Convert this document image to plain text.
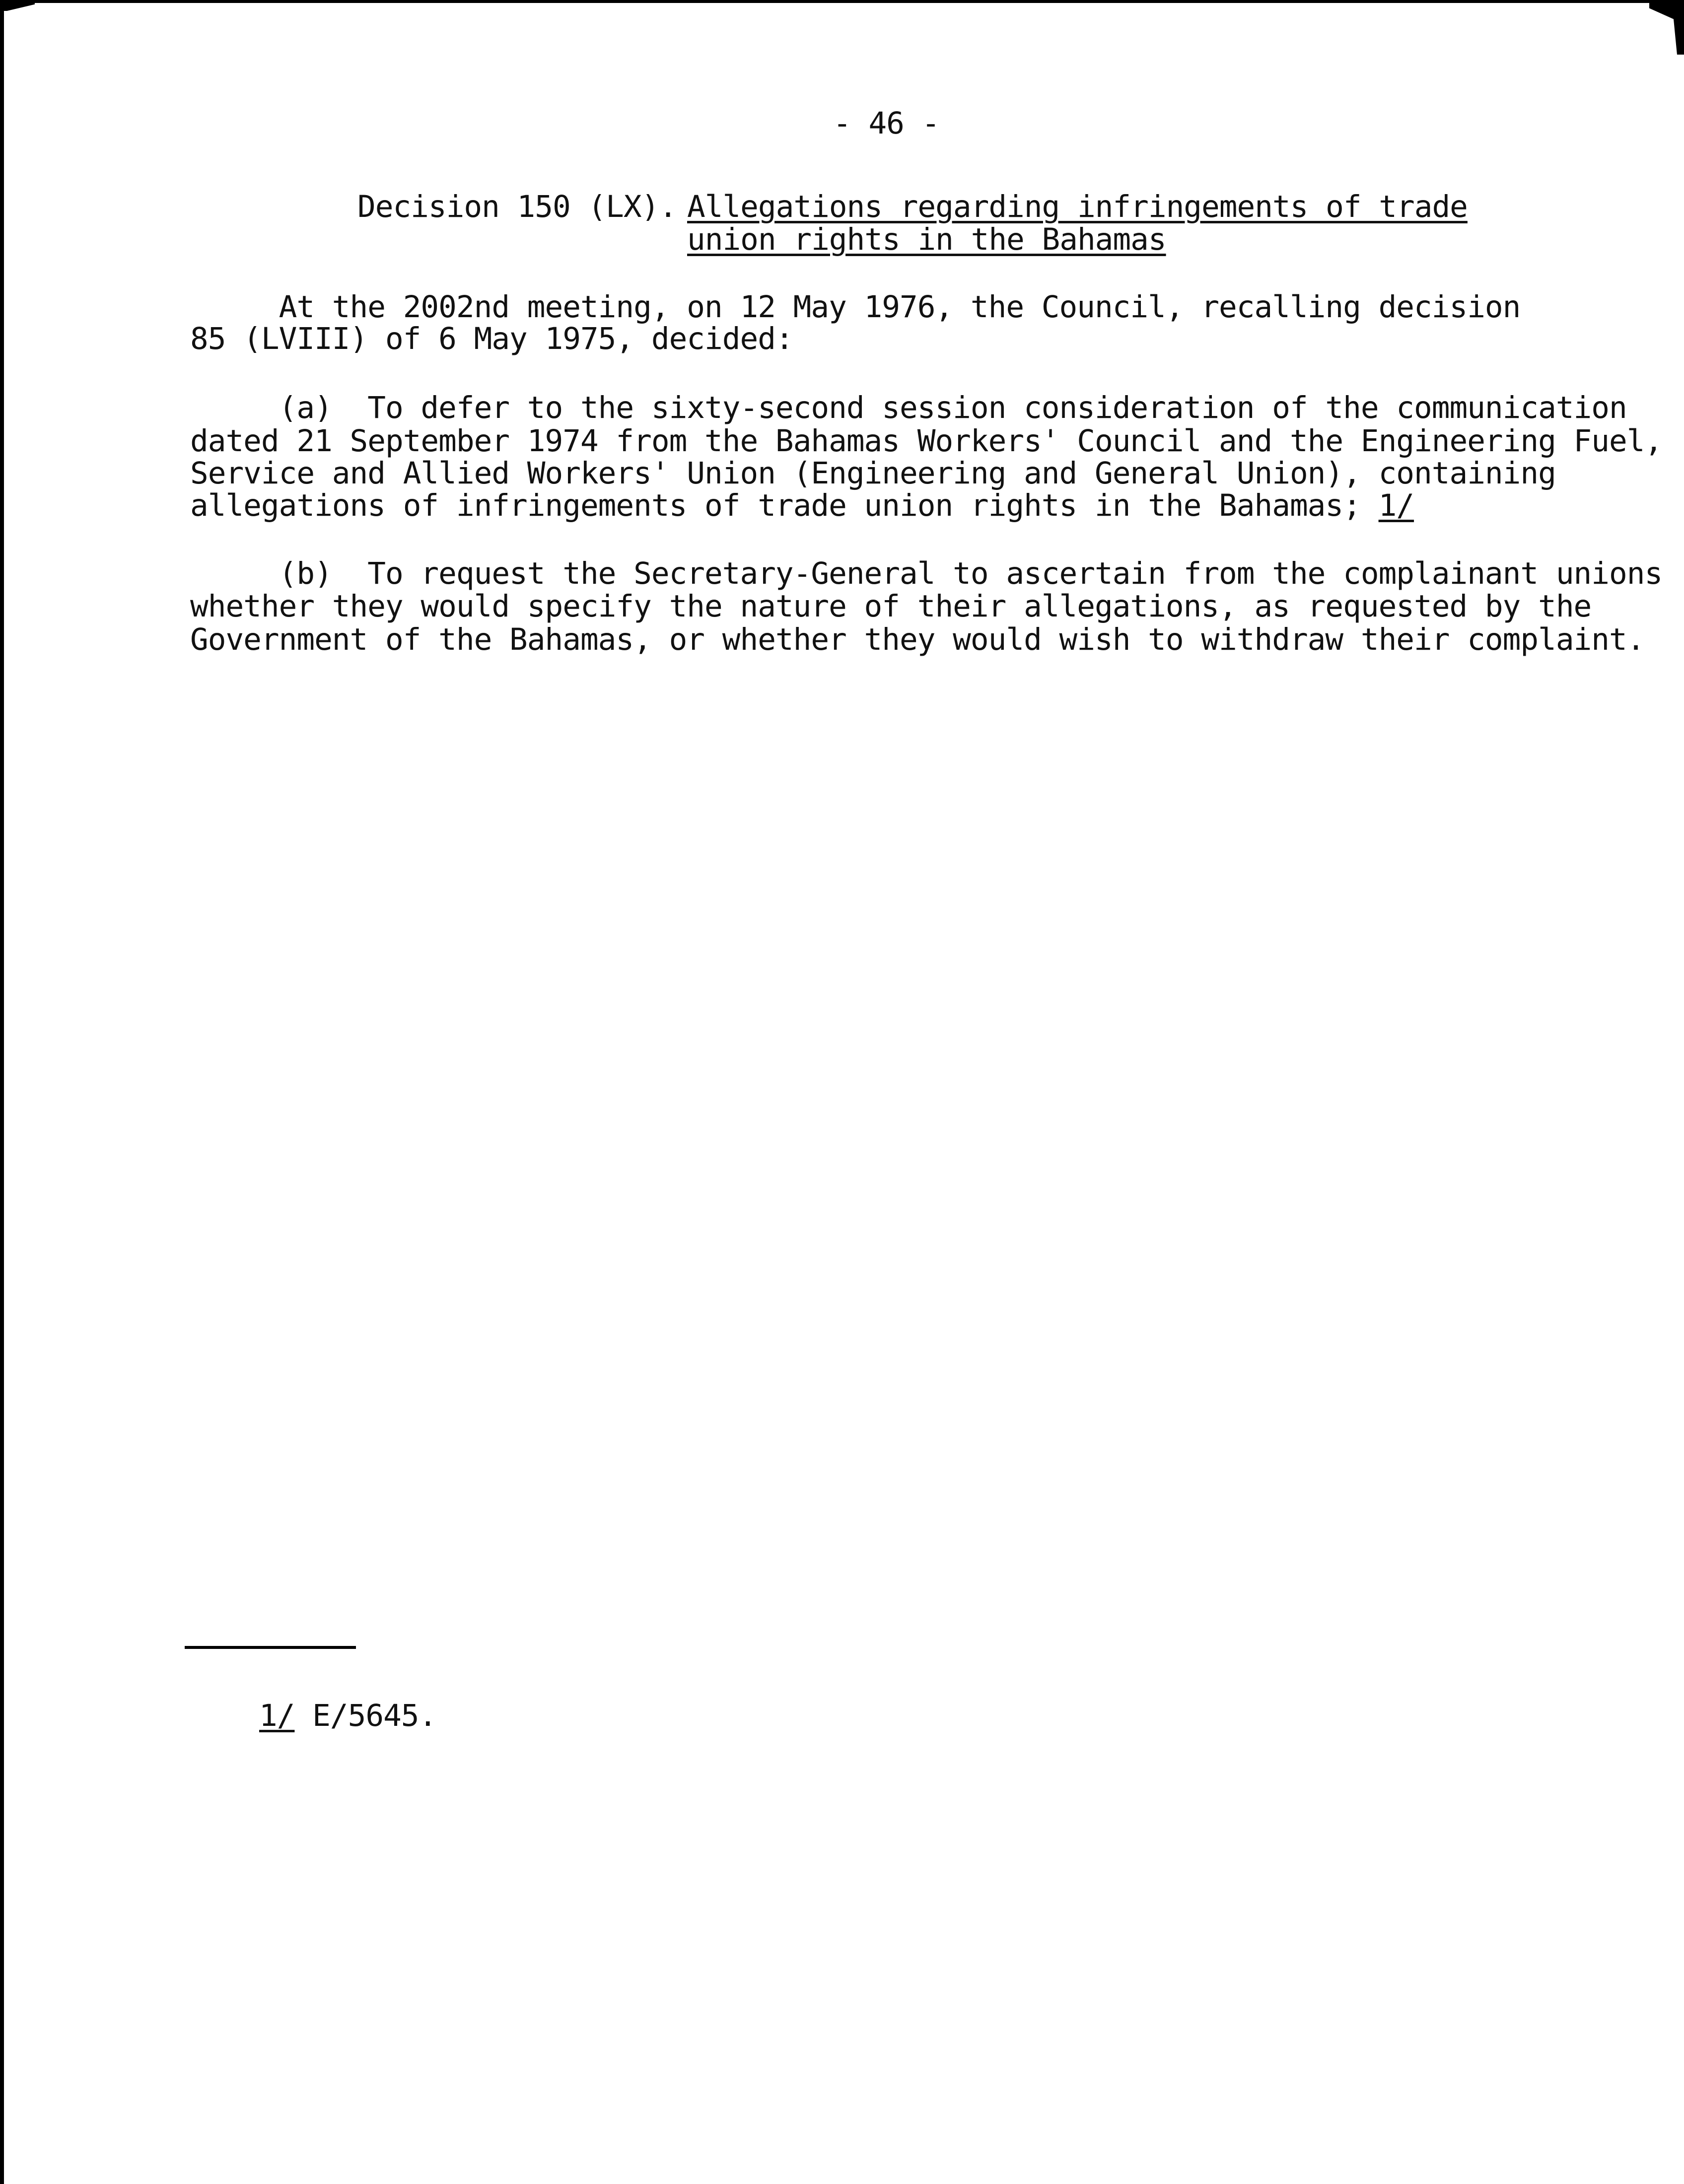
- 46 -
Decision 150 (LX). Allegations regarding infringements of trade
union rights in the Bahamas
At the 2002nd meeting, on 12 May 1976, the Council, recalling decision
85 (LVIII) of 6 May 1975, decided:
(a)  To defer to the sixty-second session consideration of the communication
dated 21 September 1974 from the Bahamas Workers' Council and the Engineering Fuel,
Service and Allied Workers' Union (Engineering and General Union), containing
allegations of infringements of trade union rights in the Bahamas; 1/
(b)  To request the Secretary-General to ascertain from the complainant unions
whether they would specify the nature of their allegations, as requested by the
Government of the Bahamas, or whether they would wish to withdraw their complaint.
1/ E/5645.
